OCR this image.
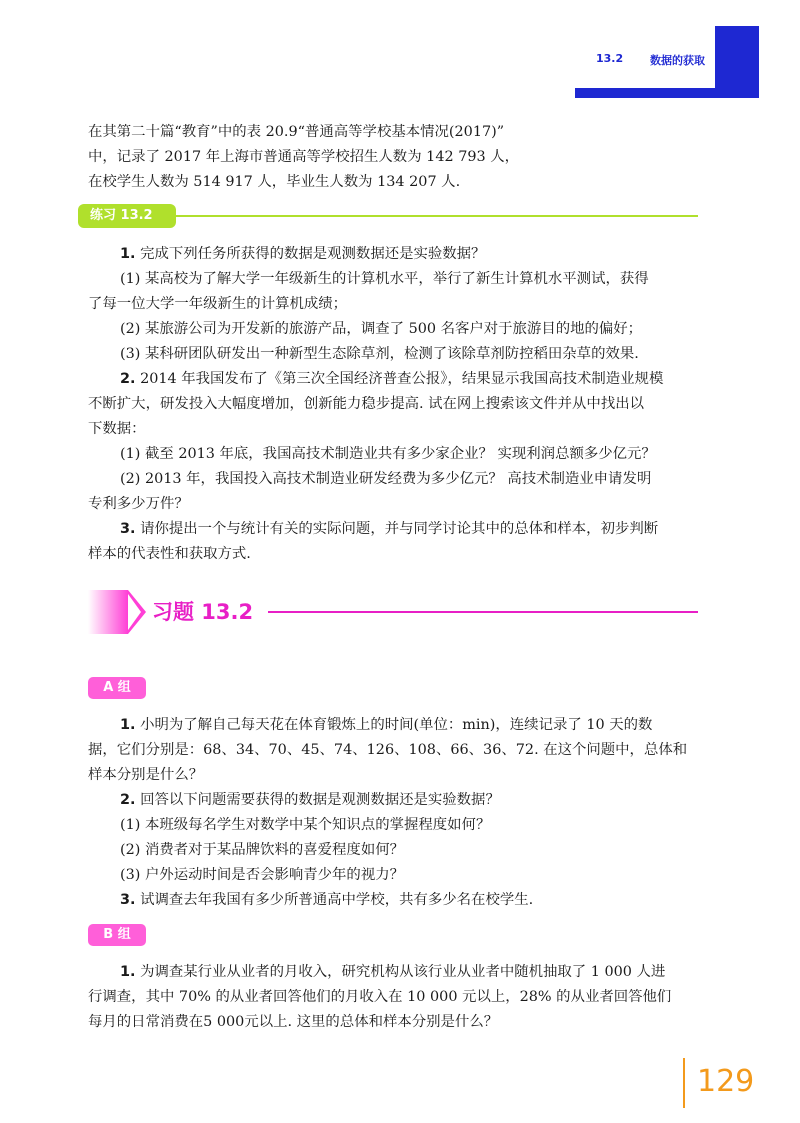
13.2 数据的获取
在其第二十篇“教育”中的表 20.9“普通高等学校基本情况(2017)”
中，记录了 2017 年上海市普通高等学校招生人数为 142 793 人，
在校学生人数为 514 917 人，毕业生人数为 134 207 人.
练习 13.2
1. 完成下列任务所获得的数据是观测数据还是实验数据？
(1) 某高校为了解大学一年级新生的计算机水平，举行了新生计算机水平测试，获得
了每一位大学一年级新生的计算机成绩；
(2) 某旅游公司为开发新的旅游产品，调查了 500 名客户对于旅游目的地的偏好；
(3) 某科研团队研发出一种新型生态除草剂，检测了该除草剂防控稻田杂草的效果.
2. 2014 年我国发布了《第三次全国经济普查公报》，结果显示我国高技术制造业规模
不断扩大，研发投入大幅度增加，创新能力稳步提高. 试在网上搜索该文件并从中找出以
下数据：
(1) 截至 2013 年底，我国高技术制造业共有多少家企业？ 实现利润总额多少亿元？
(2) 2013 年，我国投入高技术制造业研发经费为多少亿元？ 高技术制造业申请发明
专利多少万件？
3. 请你提出一个与统计有关的实际问题，并与同学讨论其中的总体和样本，初步判断
样本的代表性和获取方式.
习题 13.2
A 组
1. 小明为了解自己每天花在体育锻炼上的时间(单位：min)，连续记录了 10 天的数
据，它们分别是：68、34、70、45、74、126、108、66、36、72. 在这个问题中，总体和
样本分别是什么？
2. 回答以下问题需要获得的数据是观测数据还是实验数据？
(1) 本班级每名学生对数学中某个知识点的掌握程度如何？
(2) 消费者对于某品牌饮料的喜爱程度如何？
(3) 户外运动时间是否会影响青少年的视力？
3. 试调查去年我国有多少所普通高中学校，共有多少名在校学生.
B 组
1. 为调查某行业从业者的月收入，研究机构从该行业从业者中随机抽取了 1 000 人进
行调查，其中 70% 的从业者回答他们的月收入在 10 000 元以上，28% 的从业者回答他们
每月的日常消费在5 000元以上. 这里的总体和样本分别是什么？
129
